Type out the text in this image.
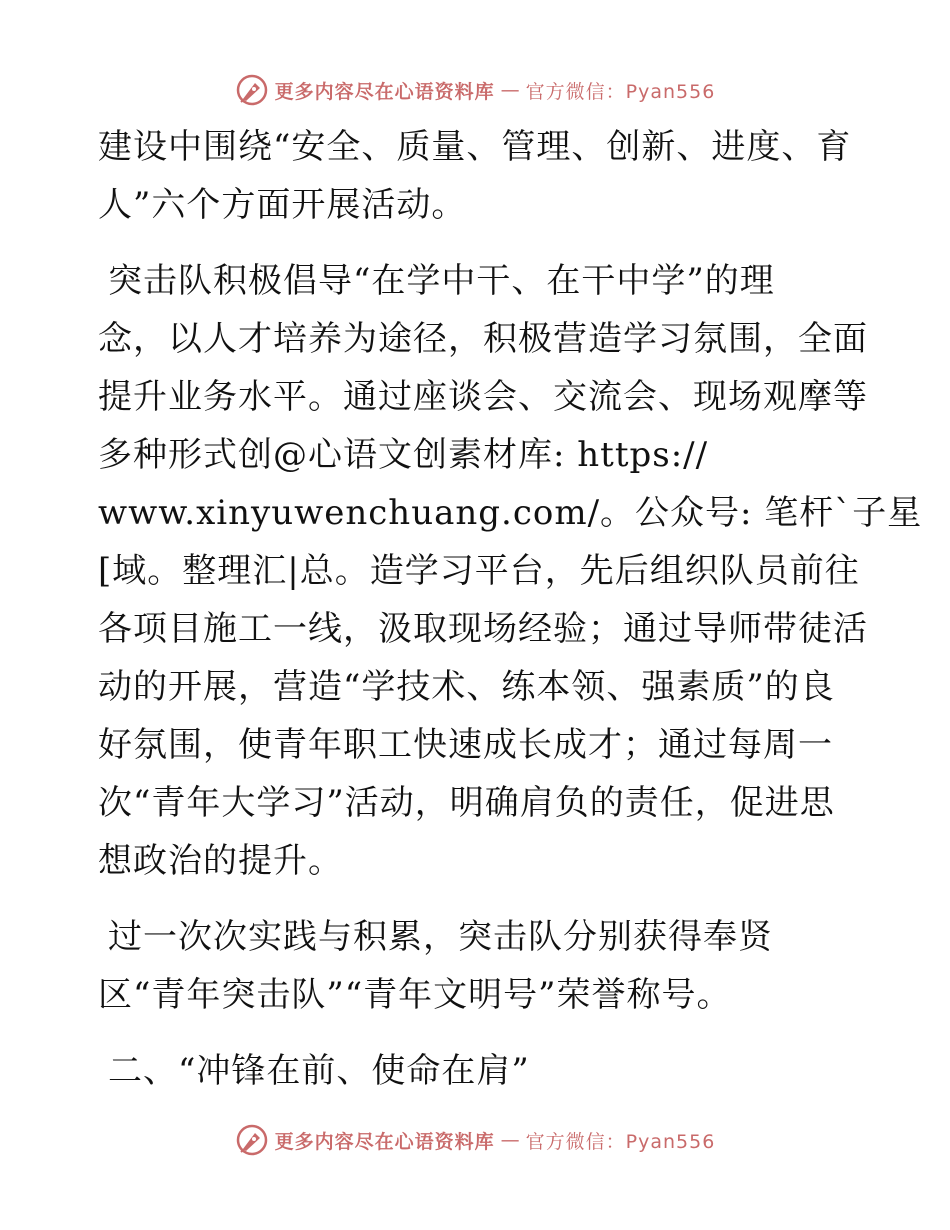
更多内容尽在心语资料库 — 官方微信：Pyan556

建设中围绕“安全、质量、管理、创新、进度、育
人”六个方面开展活动。

突击队积极倡导“在学中干、在干中学”的理
念，以人才培养为途径，积极营造学习氛围，全面
提升业务水平。通过座谈会、交流会、现场观摩等
多种形式创@心语文创素材库: https://
www.xinyuwenchuang.com/。公众号: 笔杆`子星
[域。整理汇|总。造学习平台，先后组织队员前往
各项目施工一线，汲取现场经验；通过导师带徒活
动的开展，营造“学技术、练本领、强素质”的良
好氛围，使青年职工快速成长成才；通过每周一
次“青年大学习”活动，明确肩负的责任，促进思
想政治的提升。

过一次次实践与积累，突击队分别获得奉贤
区“青年突击队”“青年文明号”荣誉称号。

二、“冲锋在前、使命在肩”

更多内容尽在心语资料库 — 官方微信：Pyan556
